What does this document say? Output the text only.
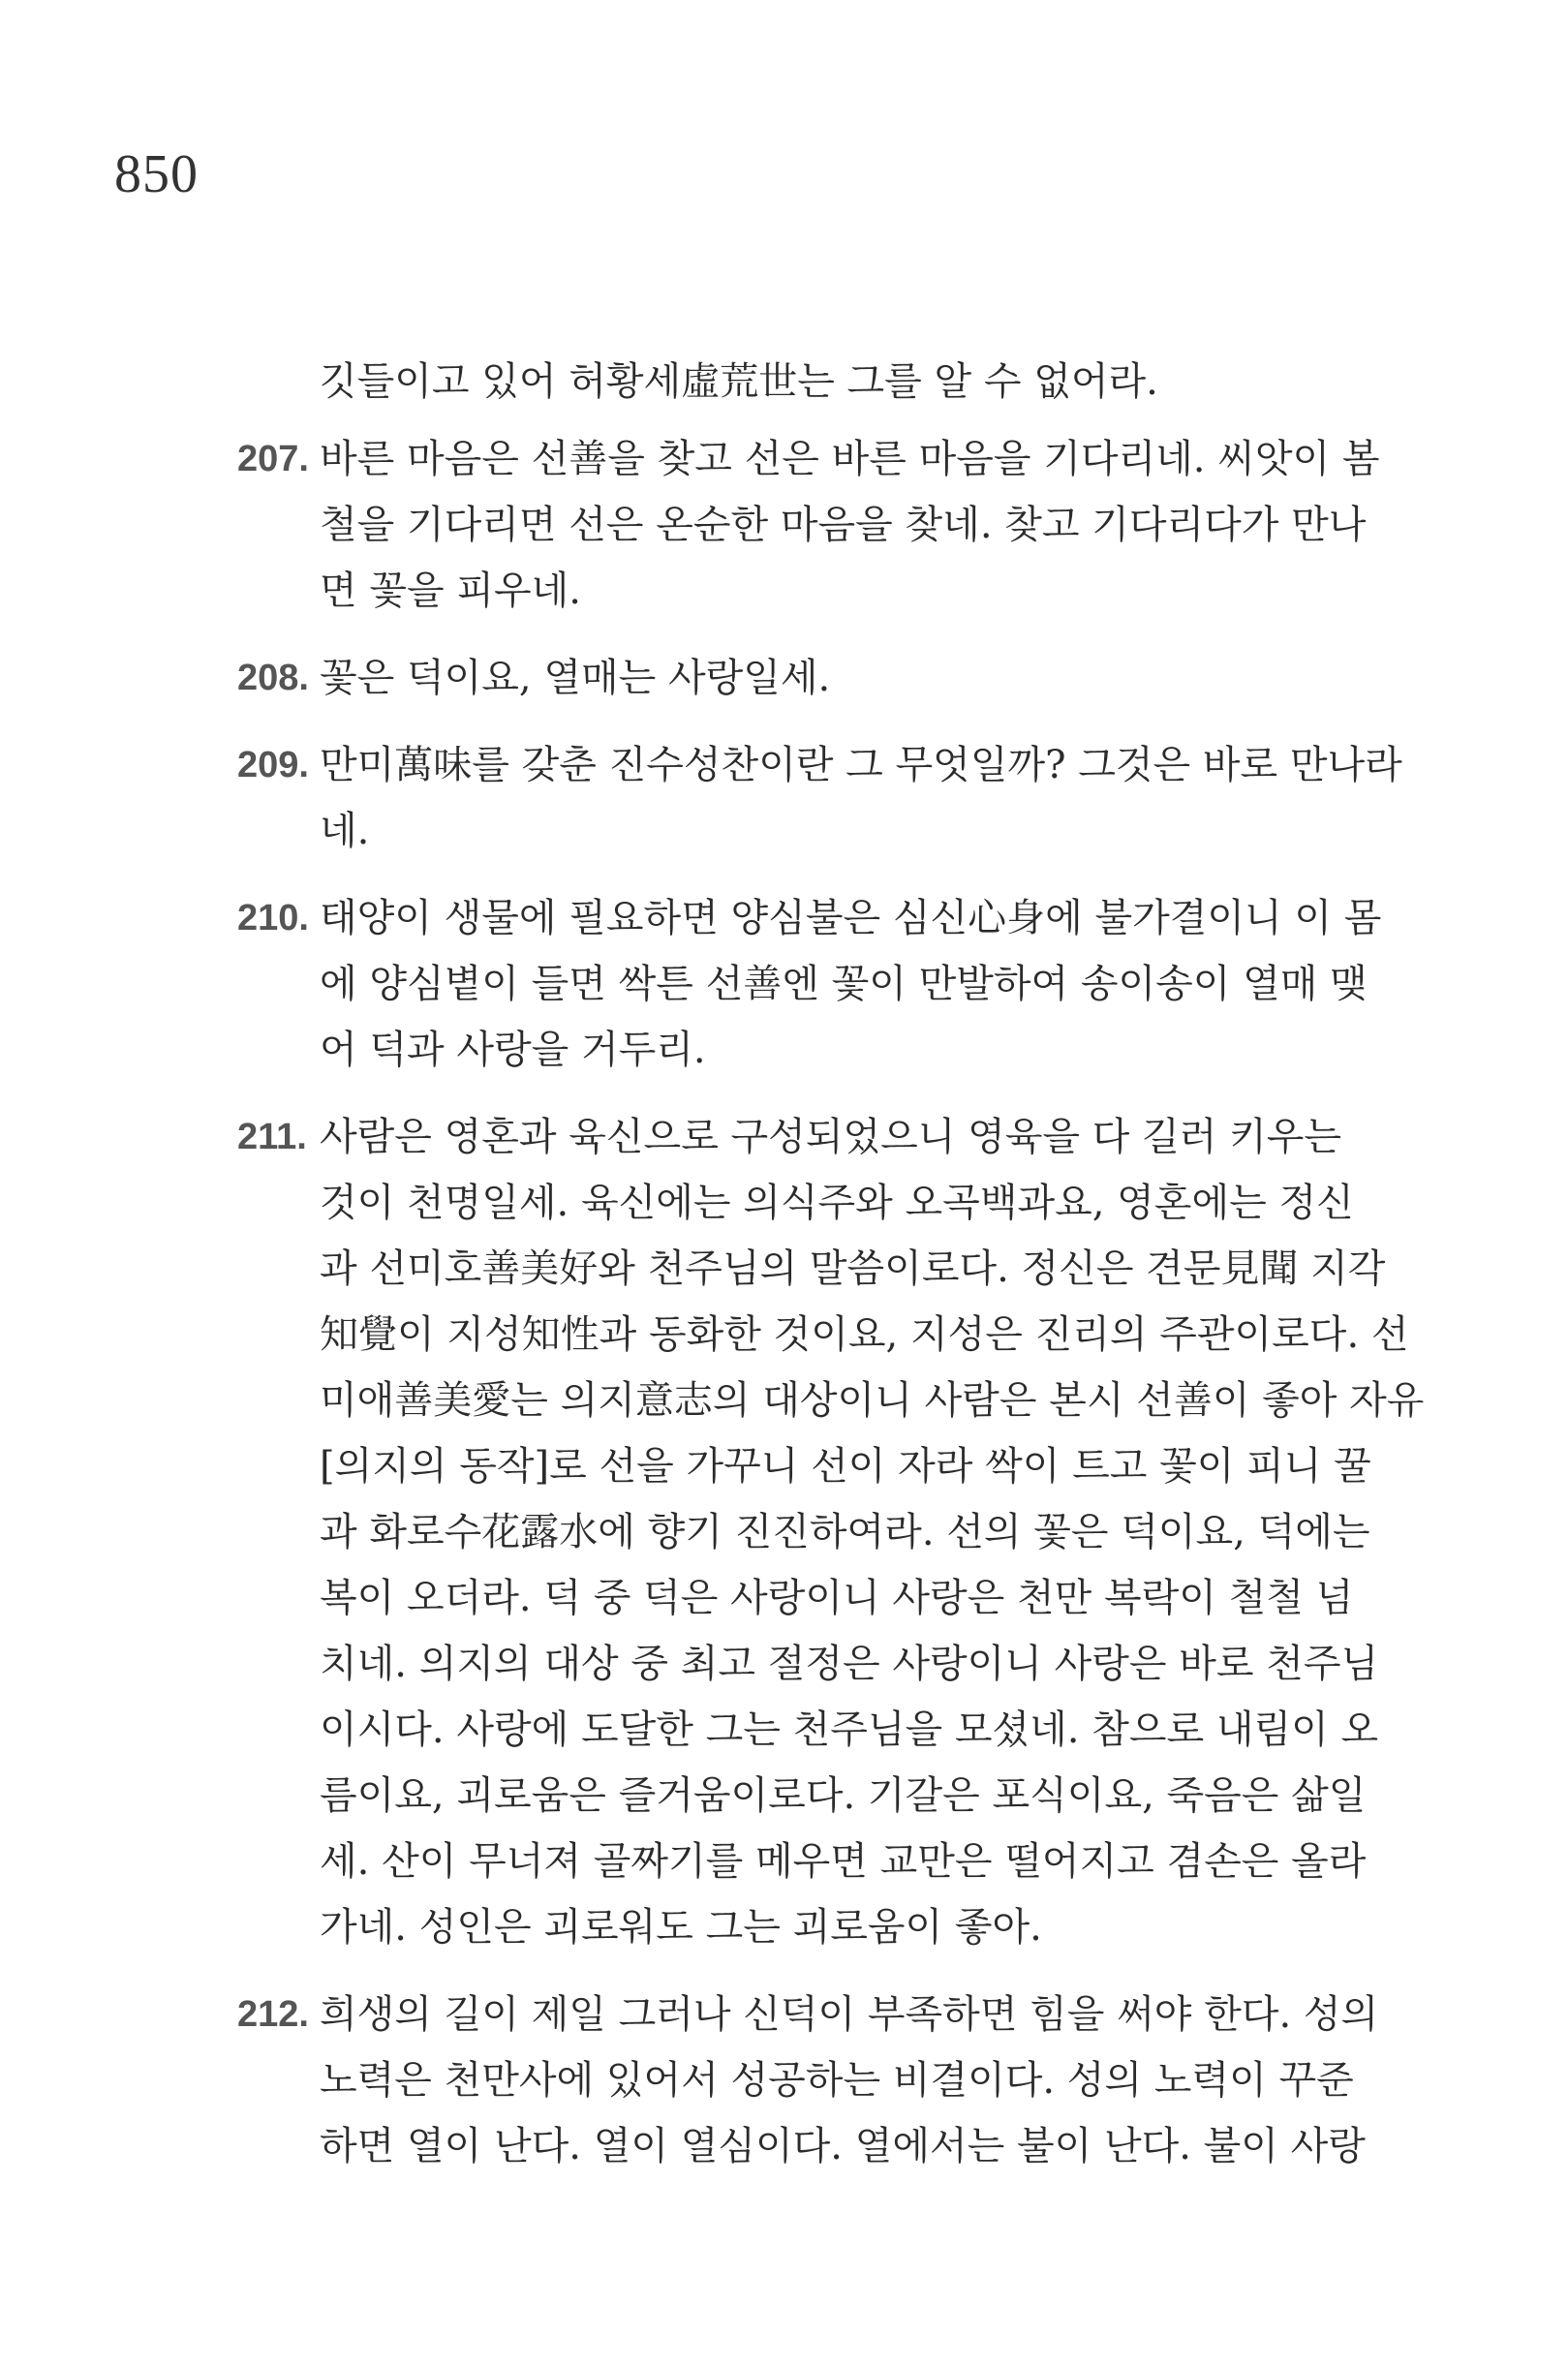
850
깃들이고 있어 허황세虛荒世는 그를 알 수 없어라.
207. 바른 마음은 선善을 찾고 선은 바른 마음을 기다리네. 씨앗이 봄
철을 기다리면 선은 온순한 마음을 찾네. 찾고 기다리다가 만나
면 꽃을 피우네.
208. 꽃은 덕이요, 열매는 사랑일세.
209. 만미萬味를 갖춘 진수성찬이란 그 무엇일까? 그것은 바로 만나라
네.
210. 태양이 생물에 필요하면 양심불은 심신心身에 불가결이니 이 몸
에 양심볕이 들면 싹튼 선善엔 꽃이 만발하여 송이송이 열매 맺
어 덕과 사랑을 거두리.
211. 사람은 영혼과 육신으로 구성되었으니 영육을 다 길러 키우는
것이 천명일세. 육신에는 의식주와 오곡백과요, 영혼에는 정신
과 선미호善美好와 천주님의 말씀이로다. 정신은 견문見聞 지각
知覺이 지성知性과 동화한 것이요, 지성은 진리의 주관이로다. 선
미애善美愛는 의지意志의 대상이니 사람은 본시 선善이 좋아 자유
[의지의 동작]로 선을 가꾸니 선이 자라 싹이 트고 꽃이 피니 꿀
과 화로수花露水에 향기 진진하여라. 선의 꽃은 덕이요, 덕에는
복이 오더라. 덕 중 덕은 사랑이니 사랑은 천만 복락이 철철 넘
치네. 의지의 대상 중 최고 절정은 사랑이니 사랑은 바로 천주님
이시다. 사랑에 도달한 그는 천주님을 모셨네. 참으로 내림이 오
름이요, 괴로움은 즐거움이로다. 기갈은 포식이요, 죽음은 삶일
세. 산이 무너져 골짜기를 메우면 교만은 떨어지고 겸손은 올라
가네. 성인은 괴로워도 그는 괴로움이 좋아.
212. 희생의 길이 제일 그러나 신덕이 부족하면 힘을 써야 한다. 성의
노력은 천만사에 있어서 성공하는 비결이다. 성의 노력이 꾸준
하면 열이 난다. 열이 열심이다. 열에서는 불이 난다. 불이 사랑
